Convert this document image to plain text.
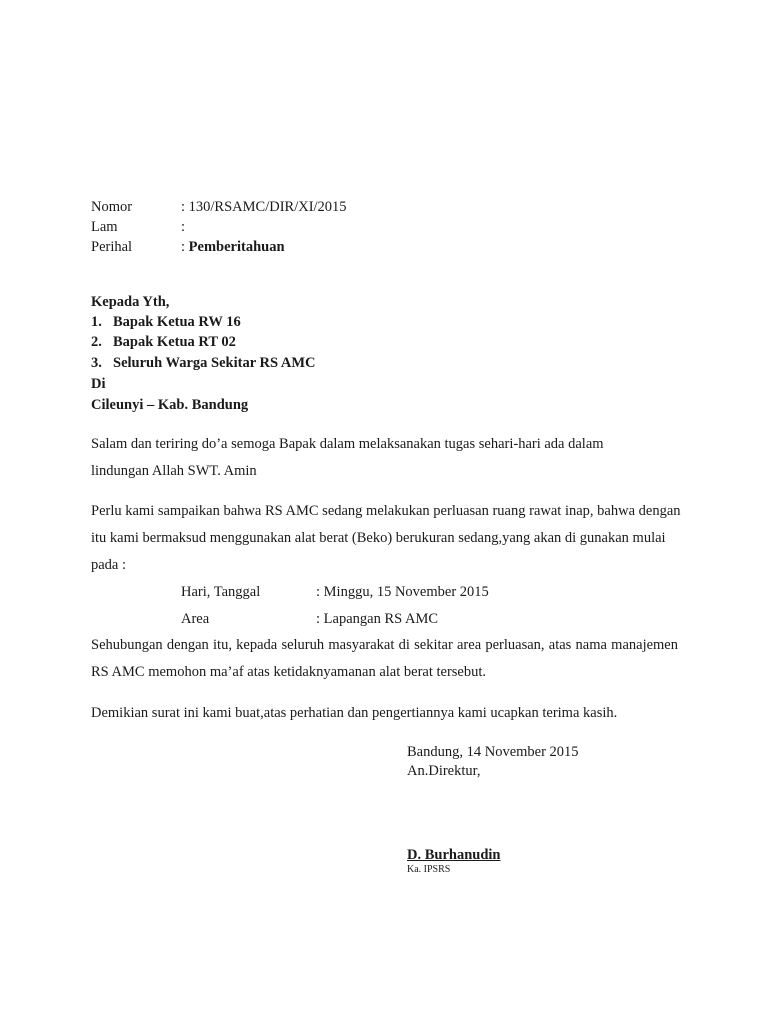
Nomor	: 130/RSAMC/DIR/XI/2015
Lam	:
Perihal	: Pemberitahuan
Kepada Yth,
1. Bapak Ketua RW 16
2. Bapak Ketua RT 02
3. Seluruh Warga Sekitar RS AMC
Di
Cileunyi – Kab. Bandung
Salam dan teriring do’a semoga Bapak dalam melaksanakan tugas sehari-hari ada dalam lindungan Allah SWT. Amin
Perlu kami sampaikan bahwa RS AMC sedang melakukan perluasan ruang rawat inap, bahwa dengan itu kami bermaksud menggunakan alat berat (Beko) berukuran sedang,yang akan di gunakan mulai pada :
Hari, Tanggal	: Minggu, 15 November 2015
Area	: Lapangan RS AMC
Sehubungan dengan itu, kepada seluruh masyarakat di sekitar area perluasan, atas nama manajemen RS AMC memohon ma’af atas ketidaknyamanan alat berat tersebut.
Demikian surat ini kami buat,atas perhatian dan pengertiannya kami ucapkan terima kasih.
Bandung, 14 November 2015
An.Direktur,
D. Burhanudin
Ka. IPSRS
